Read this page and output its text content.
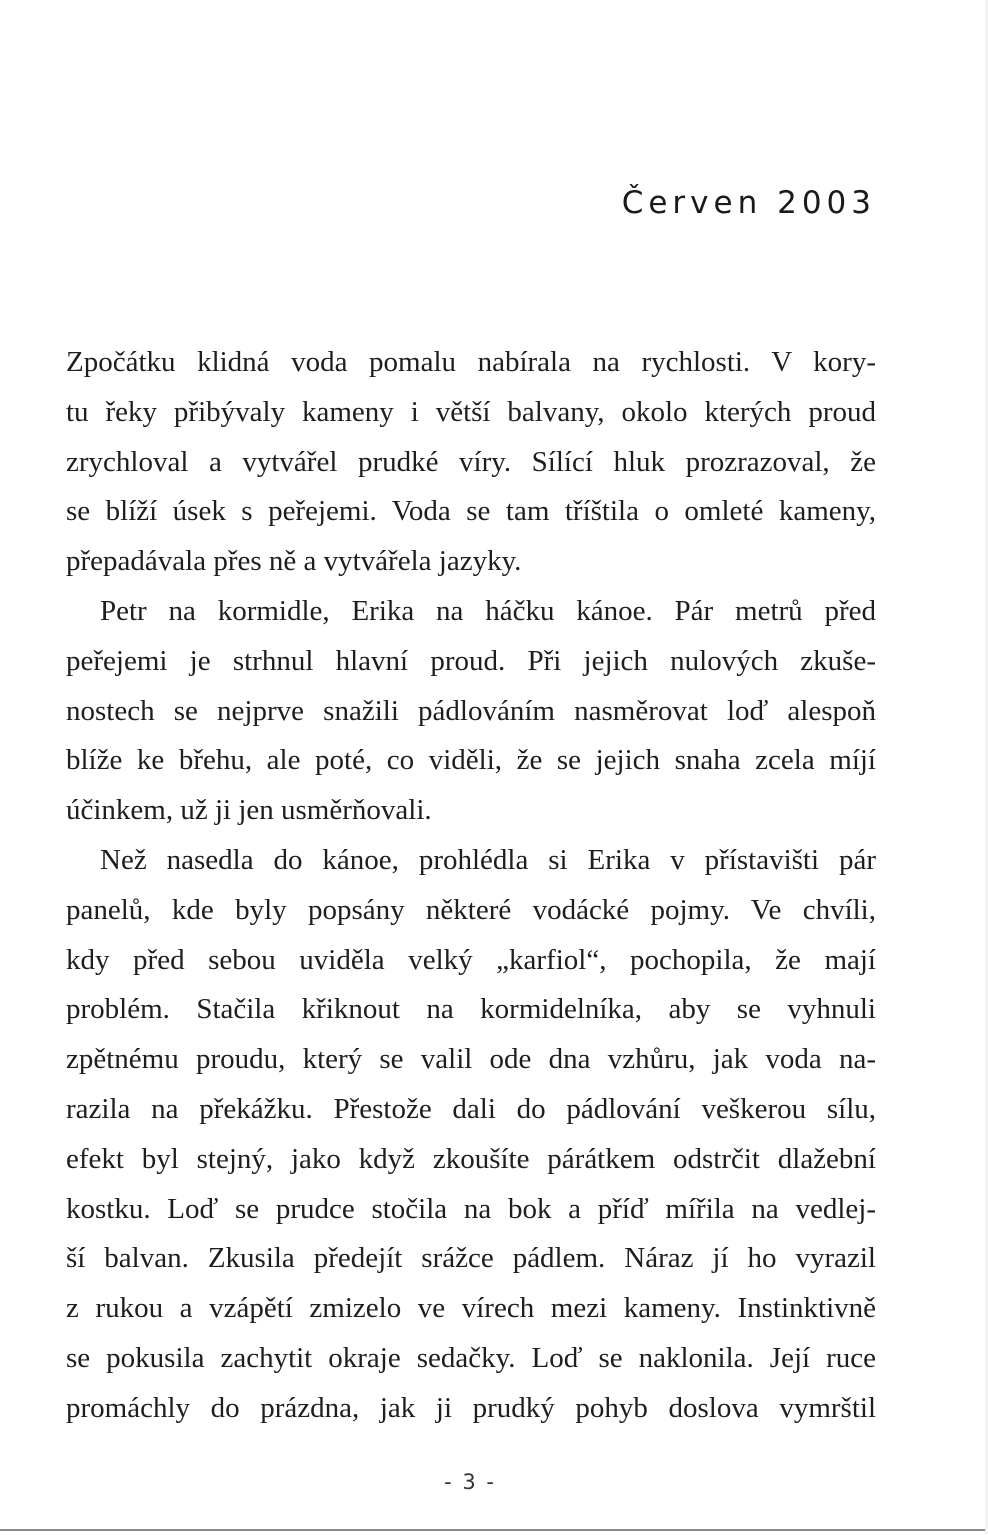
Červen 2003
Zpočátku klidná voda pomalu nabírala na rychlosti. V kory-
tu řeky přibývaly kameny i větší balvany, okolo kterých proud
zrychloval a vytvářel prudké víry. Sílící hluk prozrazoval, že
se blíží úsek s peřejemi. Voda se tam tříštila o omleté kameny,
přepadávala přes ně a vytvářela jazyky.
Petr na kormidle, Erika na háčku kánoe. Pár metrů před
peřejemi je strhnul hlavní proud. Při jejich nulových zkuše-
nostech se nejprve snažili pádlováním nasměrovat loď alespoň
blíže ke břehu, ale poté, co viděli, že se jejich snaha zcela míjí
účinkem, už ji jen usměrňovali.
Než nasedla do kánoe, prohlédla si Erika v přístavišti pár
panelů, kde byly popsány některé vodácké pojmy. Ve chvíli,
kdy před sebou uviděla velký „karfiol“, pochopila, že mají
problém. Stačila křiknout na kormidelníka, aby se vyhnuli
zpětnému proudu, který se valil ode dna vzhůru, jak voda na-
razila na překážku. Přestože dali do pádlování veškerou sílu,
efekt byl stejný, jako když zkoušíte párátkem odstrčit dlažební
kostku. Loď se prudce stočila na bok a příď mířila na vedlej-
ší balvan. Zkusila předejít srážce pádlem. Náraz jí ho vyrazil
z rukou a vzápětí zmizelo ve vírech mezi kameny. Instinktivně
se pokusila zachytit okraje sedačky. Loď se naklonila. Její ruce
promáchly do prázdna, jak ji prudký pohyb doslova vymrštil
- 3 -
